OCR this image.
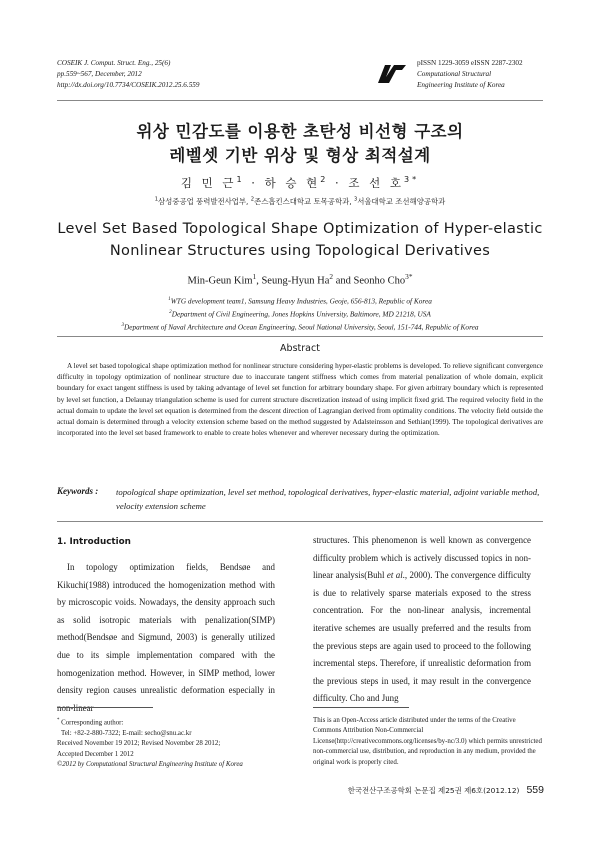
COSEIK J. Comput. Struct. Eng., 25(6)
pp.559~567, December, 2012
http://dx.doi.org/10.7734/COSEIK.2012.25.6.559
pISSN 1229-3059 eISSN 2287-2302
Computational Structural
Engineering Institute of Korea
위상 민감도를 이용한 초탄성 비선형 구조의
레벨셋 기반 위상 및 형상 최적설계
김 민 근$^1$ · 하 승 현$^2$ · 조 선 호$^{3*}$
$^1$삼성중공업 풍력발전사업부, $^2$존스홉킨스대학교 토목공학과, $^3$서울대학교 조선해양공학과
Level Set Based Topological Shape Optimization of Hyper-elastic
Nonlinear Structures using Topological Derivatives
Min-Geun Kim$^1$, Seung-Hyun Ha$^2$ and Seonho Cho$^{3*}$
$^1$WTG development team1, Samsung Heavy Industries, Geoje, 656-813, Republic of Korea
$^2$Department of Civil Engineering, Jones Hopkins University, Baltimore, MD 21218, USA
$^3$Department of Naval Architecture and Ocean Engineering, Seoul National University, Seoul, 151-744, Republic of Korea
Abstract
A level set based topological shape optimization method for nonlinear structure considering hyper-elastic problems is developed. To relieve significant convergence difficulty in topology optimization of nonlinear structure due to inaccurate tangent stiffness which comes from material penalization of whole domain, explicit boundary for exact tangent stiffness is used by taking advantage of level set function for arbitrary boundary shape. For given arbitrary boundary which is represented by level set function, a Delaunay triangulation scheme is used for current structure discretization instead of using implicit fixed grid. The required velocity field in the actual domain to update the level set equation is determined from the descent direction of Lagrangian derived from optimality conditions. The velocity field outside the actual domain is determined through a velocity extension scheme based on the method suggested by Adalsteinsson and Sethian(1999). The topological derivatives are incorporated into the level set based framework to enable to create holes whenever and wherever necessary during the optimization.
Keywords : topological shape optimization, level set method, topological derivatives, hyper-elastic material, adjoint variable method, velocity extension scheme
1. Introduction
In topology optimization fields, Bendsøe and Kikuchi(1988) introduced the homogenization method with by microscopic voids. Nowadays, the density approach such as solid isotropic materials with penalization(SIMP) method(Bendsøe and Sigmund, 2003) is generally utilized due to its simple implementation compared with the homogenization method. However, in SIMP method, lower density region causes unrealistic deformation especially in non-linear
structures. This phenomenon is well known as convergence difficulty problem which is actively discussed topics in non-linear analysis(Buhl et al., 2000). The convergence difficulty is due to relatively sparse materials exposed to the stress concentration. For the non-linear analysis, incremental iterative schemes are usually preferred and the results from the previous steps are again used to proceed to the following incremental steps. Therefore, if unrealistic deformation from the previous steps in used, it may result in the convergence difficulty. Cho and Jung
* Corresponding author:
Tel: +82-2-880-7322; E-mail: secho@snu.ac.kr
Received November 19 2012; Revised November 28 2012;
Accepted December 1 2012
©2012 by Computational Structural Engineering Institute of Korea
This is an Open-Access article distributed under the terms of the Creative Commons Attribution Non-Commercial License(http://creativecommons.org/licenses/by-nc/3.0) which permits unrestricted non-commercial use, distribution, and reproduction in any medium, provided the original work is properly cited.
한국전산구조공학회 논문집 제25권 제6호(2012.12) 559
